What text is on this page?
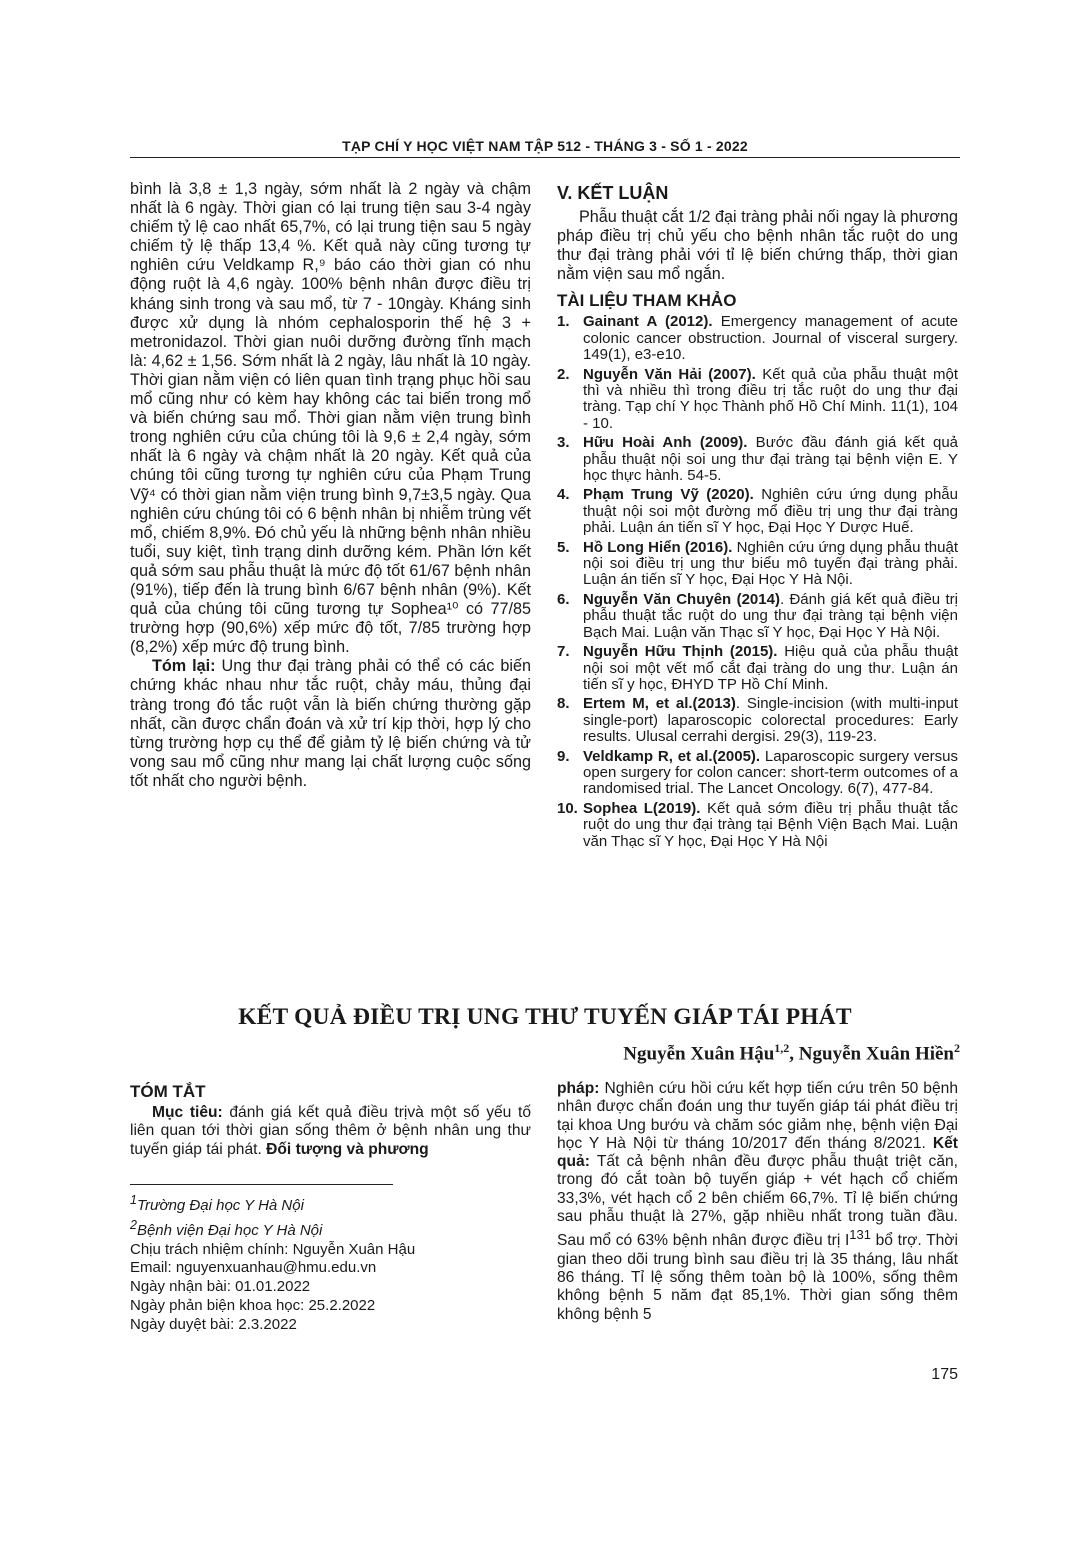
TẠP CHÍ Y HỌC VIỆT NAM TẬP 512 - THÁNG 3 - SỐ 1 - 2022

bình là 3,8 ± 1,3 ngày, sớm nhất là 2 ngày và chậm nhất là 6 ngày. Thời gian có lại trung tiện sau 3-4 ngày chiếm tỷ lệ cao nhất 65,7%, có lại trung tiện sau 5 ngày chiếm tỷ lệ thấp 13,4 %. Kết quả này cũng tương tự nghiên cứu Veldkamp R,⁹ báo cáo thời gian có nhu động ruột là 4,6 ngày. 100% bệnh nhân được điều trị kháng sinh trong và sau mổ, từ 7 - 10ngày. Kháng sinh được xử dụng là nhóm cephalosporin thế hệ 3 + metronidazol. Thời gian nuôi dưỡng đường tĩnh mạch là: 4,62 ± 1,56. Sớm nhất là 2 ngày, lâu nhất là 10 ngày. Thời gian nằm viện có liên quan tình trạng phục hồi sau mổ cũng như có kèm hay không các tai biến trong mổ và biến chứng sau mổ. Thời gian nằm viện trung bình trong nghiên cứu của chúng tôi là 9,6 ± 2,4 ngày, sớm nhất là 6 ngày và chậm nhất là 20 ngày. Kết quả của chúng tôi cũng tương tự nghiên cứu của Phạm Trung Vỹ⁴ có thời gian nằm viện trung bình 9,7±3,5 ngày. Qua nghiên cứu chúng tôi có 6 bệnh nhân bị nhiễm trùng vết mổ, chiếm 8,9%. Đó chủ yếu là những bệnh nhân nhiều tuổi, suy kiệt, tình trạng dinh dưỡng kém. Phần lớn kết quả sớm sau phẫu thuật là mức độ tốt 61/67 bệnh nhân (91%), tiếp đến là trung bình 6/67 bệnh nhân (9%). Kết quả của chúng tôi cũng tương tự Sophea¹⁰ có 77/85 trường hợp (90,6%) xếp mức độ tốt, 7/85 trường hợp (8,2%) xếp mức độ trung bình.

Tóm lại: Ung thư đại tràng phải có thể có các biến chứng khác nhau như tắc ruột, chảy máu, thủng đại tràng trong đó tắc ruột vẫn là biến chứng thường gặp nhất, cần được chẩn đoán và xử trí kịp thời, hợp lý cho từng trường hợp cụ thể để giảm tỷ lệ biến chứng và tử vong sau mổ cũng như mang lại chất lượng cuộc sống tốt nhất cho người bệnh.

V. KẾT LUẬN

Phẫu thuật cắt 1/2 đại tràng phải nối ngay là phương pháp điều trị chủ yếu cho bệnh nhân tắc ruột do ung thư đại tràng phải với tỉ lệ biến chứng thấp, thời gian nằm viện sau mổ ngắn.

TÀI LIỆU THAM KHẢO
1. Gainant A (2012). Emergency management of acute colonic cancer obstruction. Journal of visceral surgery. 149(1), e3-e10.
2. Nguyễn Văn Hải (2007). Kết quả của phẫu thuật một thì và nhiều thì trong điều trị tắc ruột do ung thư đại tràng. Tạp chí Y học Thành phố Hồ Chí Minh. 11(1), 104 - 10.
3. Hữu Hoài Anh (2009). Bước đầu đánh giá kết quả phẫu thuật nội soi ung thư đại tràng tại bệnh viện E. Y học thực hành. 54-5.
4. Phạm Trung Vỹ (2020). Nghiên cứu ứng dụng phẫu thuật nội soi một đường mổ điều trị ung thư đại tràng phải. Luận án tiến sĩ Y học, Đại Học Y Dược Huế.
5. Hồ Long Hiển (2016). Nghiên cứu ứng dụng phẫu thuật nội soi điều trị ung thư biểu mô tuyến đại tràng phải. Luận án tiến sĩ Y học, Đại Học Y Hà Nội.
6. Nguyễn Văn Chuyên (2014). Đánh giá kết quả điều trị phẫu thuật tắc ruột do ung thư đại tràng tại bệnh viện Bạch Mai. Luận văn Thạc sĩ Y học, Đại Học Y Hà Nội.
7. Nguyễn Hữu Thịnh (2015). Hiệu quả của phẫu thuật nội soi một vết mổ cắt đại tràng do ung thư. Luận án tiến sĩ y học, ĐHYD TP Hồ Chí Minh.
8. Ertem M, et al.(2013). Single-incision (with multi-input single-port) laparoscopic colorectal procedures: Early results. Ulusal cerrahi dergisi. 29(3), 119-23.
9. Veldkamp R, et al.(2005). Laparoscopic surgery versus open surgery for colon cancer: short-term outcomes of a randomised trial. The Lancet Oncology. 6(7), 477-84.
10. Sophea L(2019). Kết quả sớm điều trị phẫu thuật tắc ruột do ung thư đại tràng tại Bệnh Viện Bạch Mai. Luận văn Thạc sĩ Y học, Đại Học Y Hà Nội
KẾT QUẢ ĐIỀU TRỊ UNG THƯ TUYẾN GIÁP TÁI PHÁT
Nguyễn Xuân Hậu$^{1,2}$, Nguyễn Xuân Hiền$^2$
TÓM TẮT

Mục tiêu: đánh giá kết quả điều trịvà một số yếu tố liên quan tới thời gian sống thêm ở bệnh nhân ung thư tuyến giáp tái phát. Đối tượng và phương

pháp: Nghiên cứu hồi cứu kết hợp tiến cứu trên 50 bệnh nhân được chẩn đoán ung thư tuyến giáp tái phát điều trị tại khoa Ung bướu và chăm sóc giảm nhẹ, bệnh viện Đại học Y Hà Nội từ tháng 10/2017 đến tháng 8/2021. Kết quả: Tất cả bệnh nhân đều được phẫu thuật triệt căn, trong đó cắt toàn bộ tuyến giáp + vét hạch cổ chiếm 33,3%, vét hạch cổ 2 bên chiếm 66,7%. Tỉ lệ biến chứng sau phẫu thuật là 27%, gặp nhiều nhất trong tuần đầu. Sau mổ có 63% bệnh nhân được điều trị $I^{131}$ bổ trợ. Thời gian theo dõi trung bình sau điều trị là 35 tháng, lâu nhất 86 tháng. Tỉ lệ sống thêm toàn bộ là 100%, sống thêm không bệnh 5 năm đạt 85,1%. Thời gian sống thêm không bệnh 5

$^1$Trường Đại học Y Hà Nội
$^2$Bệnh viện Đại học Y Hà Nội
Chịu trách nhiệm chính: Nguyễn Xuân Hậu
Email: nguyenxuanhau@hmu.edu.vn
Ngày nhận bài: 01.01.2022
Ngày phản biện khoa học: 25.2.2022
Ngày duyệt bài: 2.3.2022
175
